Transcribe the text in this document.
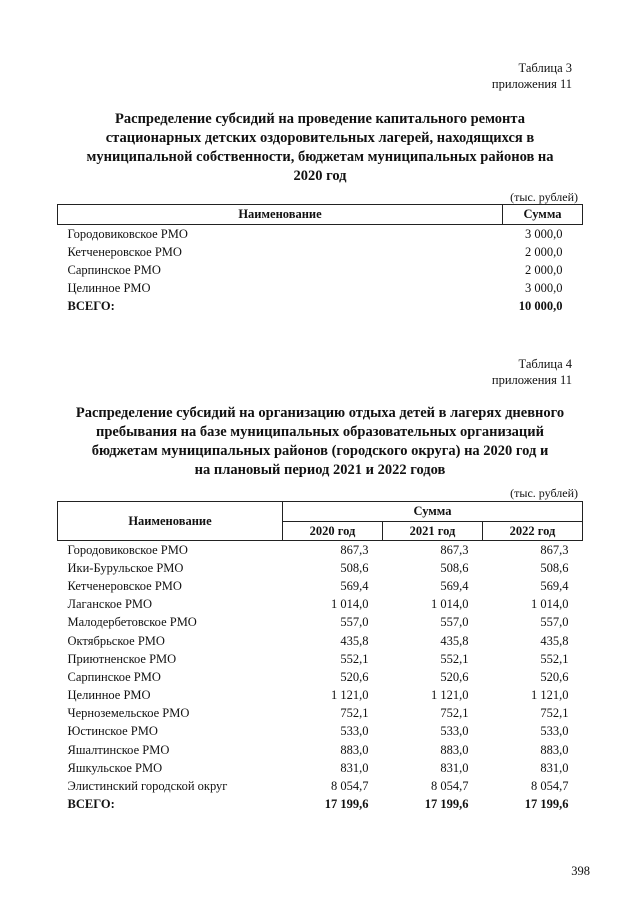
Таблица 3
приложения 11
Распределение субсидий на проведение капитального ремонта
стационарных детских оздоровительных лагерей, находящихся в
муниципальной собственности, бюджетам муниципальных районов на
2020 год
(тыс. рублей)
Наименование	Сумма
Городовиковское РМО	3 000,0
Кетченеровское РМО	2 000,0
Сарпинское РМО	2 000,0
Целинное РМО	3 000,0
ВСЕГО:	10 000,0
Таблица 4
приложения 11
Распределение субсидий на организацию отдыха детей в лагерях дневного
пребывания на базе муниципальных образовательных организаций
бюджетам муниципальных районов (городского округа) на 2020 год и
на плановый период 2021 и 2022 годов
(тыс. рублей)
Наименование	Сумма		
	2020 год	2021 год	2022 год
Городовиковское РМО	867,3	867,3	867,3
Ики-Бурульское РМО	508,6	508,6	508,6
Кетченеровское РМО	569,4	569,4	569,4
Лаганское РМО	1 014,0	1 014,0	1 014,0
Малодербетовское РМО	557,0	557,0	557,0
Октябрьское РМО	435,8	435,8	435,8
Приютненское РМО	552,1	552,1	552,1
Сарпинское РМО	520,6	520,6	520,6
Целинное РМО	1 121,0	1 121,0	1 121,0
Черноземельское РМО	752,1	752,1	752,1
Юстинское РМО	533,0	533,0	533,0
Яшалтинское РМО	883,0	883,0	883,0
Яшкульское РМО	831,0	831,0	831,0
Элистинский городской округ	8 054,7	8 054,7	8 054,7
ВСЕГО:	17 199,6	17 199,6	17 199,6
398
